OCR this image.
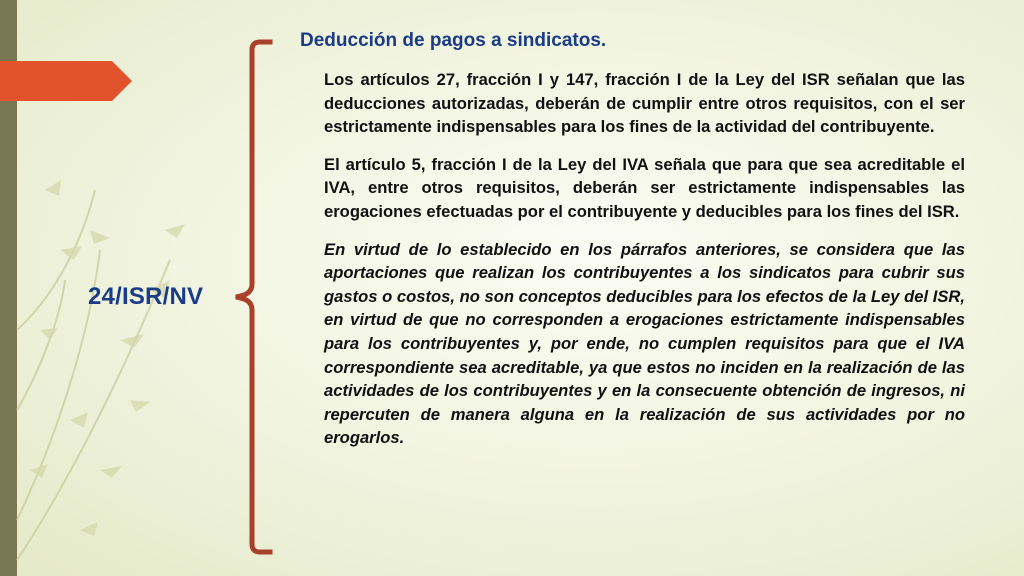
24/ISR/NV
Deducción de pagos a sindicatos.

Los artículos 27, fracción I y 147, fracción I de la Ley del ISR señalan que las deducciones autorizadas, deberán de cumplir entre otros requisitos, con el ser estrictamente indispensables para los fines de la actividad del contribuyente.

El artículo 5, fracción I de la Ley del IVA señala que para que sea acreditable el IVA, entre otros requisitos, deberán ser estrictamente indispensables las erogaciones efectuadas por el contribuyente y deducibles para los fines del ISR.

En virtud de lo establecido en los párrafos anteriores, se considera que las aportaciones que realizan los contribuyentes a los sindicatos para cubrir sus gastos o costos, no son conceptos deducibles para los efectos de la Ley del ISR, en virtud de que no corresponden a erogaciones estrictamente indispensables para los contribuyentes y, por ende, no cumplen requisitos para que el IVA correspondiente sea acreditable, ya que estos no inciden en la realización de las actividades de los contribuyentes y en la consecuente obtención de ingresos, ni repercuten de manera alguna en la realización de sus actividades por no erogarlos.
